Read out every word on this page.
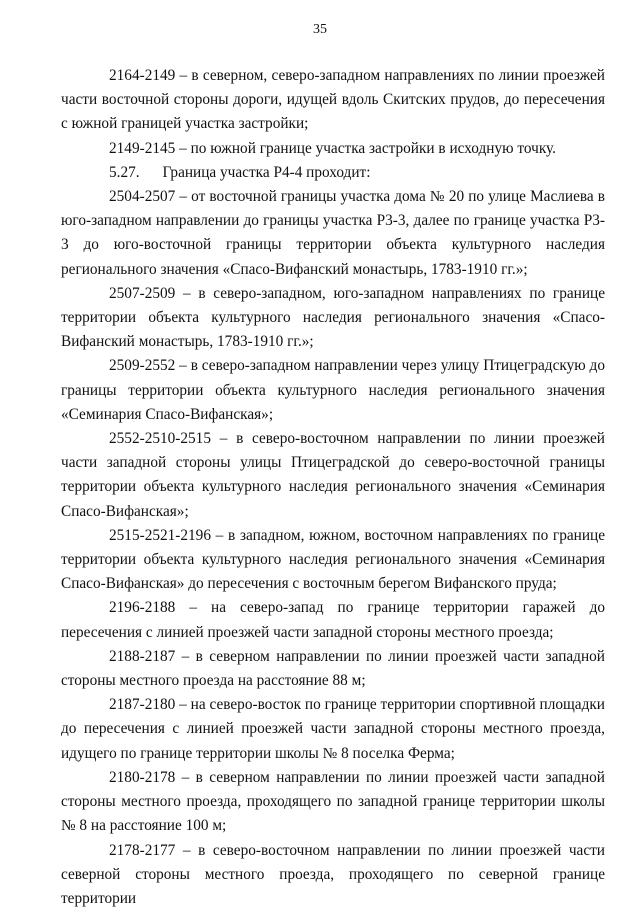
35

2164-2149 – в северном, северо-западном направлениях по линии проезжей части восточной стороны дороги, идущей вдоль Скитских прудов, до пересечения с южной границей участка застройки;

2149-2145 – по южной границе участка застройки в исходную точку.

5.27.      Граница участка Р4-4 проходит:

2504-2507 – от восточной границы участка дома № 20 по улице Маслиева в юго-западном направлении до границы участка Р3-3, далее по границе участка Р3-3 до юго-восточной границы территории объекта культурного наследия регионального значения «Спасо-Вифанский монастырь, 1783-1910 гг.»;

2507-2509 – в северо-западном, юго-западном направлениях по границе территории объекта культурного наследия регионального значения «Спасо-Вифанский монастырь, 1783-1910 гг.»;

2509-2552 – в северо-западном направлении через улицу Птицеградскую до границы территории объекта культурного наследия регионального значения «Семинария Спасо-Вифанская»;

2552-2510-2515 – в северо-восточном направлении по линии проезжей части западной стороны улицы Птицеградской до северо-восточной границы территории объекта культурного наследия регионального значения «Семинария Спасо-Вифанская»;

2515-2521-2196 – в западном, южном, восточном направлениях по границе территории объекта культурного наследия регионального значения «Семинария Спасо-Вифанская» до пересечения с восточным берегом Вифанского пруда;

2196-2188 – на северо-запад по границе территории гаражей до пересечения с линией проезжей части западной стороны местного проезда;

2188-2187 – в северном направлении по линии проезжей части западной стороны местного проезда на расстояние 88 м;

2187-2180 – на северо-восток по границе территории спортивной площадки до пересечения с линией проезжей части западной стороны местного проезда, идущего по границе территории школы № 8 поселка Ферма;

2180-2178 – в северном направлении по линии проезжей части западной стороны местного проезда, проходящего по западной границе территории школы № 8 на расстояние 100 м;

2178-2177 – в северо-восточном направлении по линии проезжей части северной стороны местного проезда, проходящего по северной границе территории
